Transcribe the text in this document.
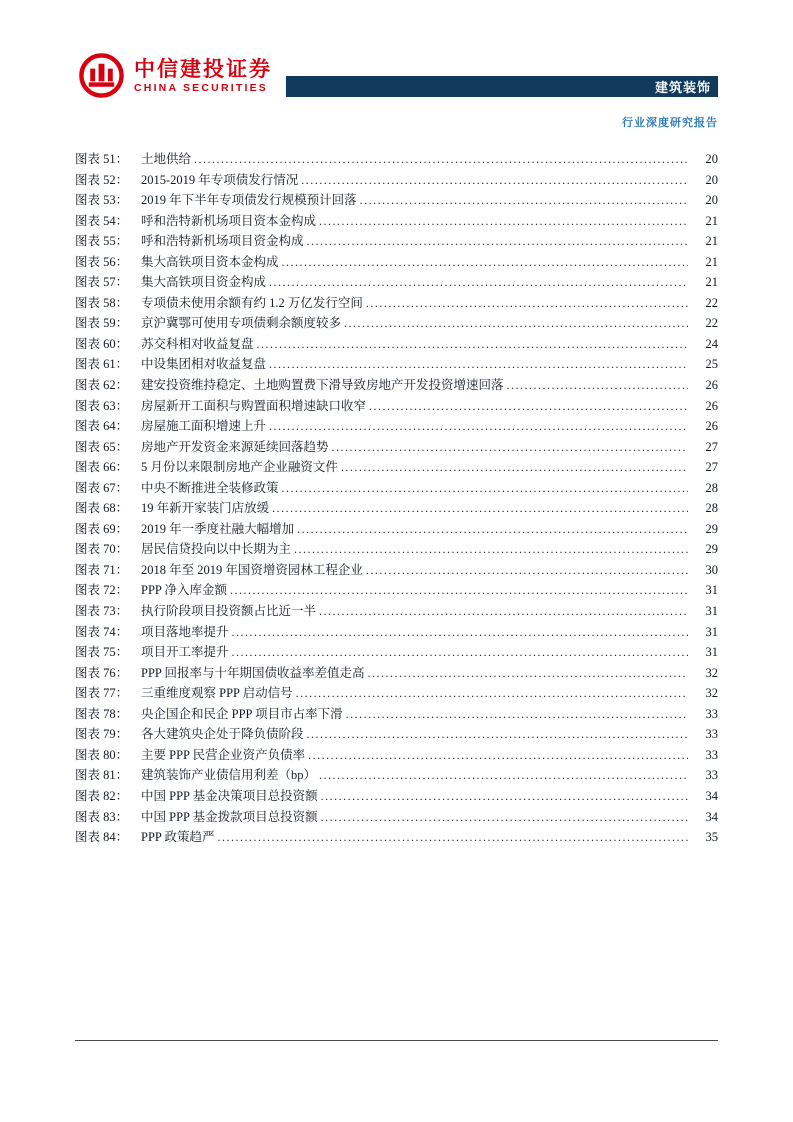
中信建投证券
CHINA SECURITIES	建筑装饰
行业深度研究报告
图表 51：	土地供给 .....	20
图表 52：	2015-2019 年专项债发行情况 .....	20
图表 53：	2019 年下半年专项债发行规模预计回落 .....	20
图表 54：	呼和浩特新机场项目资本金构成 .....	21
图表 55：	呼和浩特新机场项目资金构成 .....	21
图表 56：	集大高铁项目资本金构成 .....	21
图表 57：	集大高铁项目资金构成 .....	21
图表 58：	专项债未使用余额有约 1.2 万亿发行空间 .....	22
图表 59：	京沪冀鄂可使用专项债剩余额度较多 .....	22
图表 60：	苏交科相对收益复盘 .....	24
图表 61：	中设集团相对收益复盘 .....	25
图表 62：	建安投资维持稳定、土地购置费下滑导致房地产开发投资增速回落 .....	26
图表 63：	房屋新开工面积与购置面积增速缺口收窄 .....	26
图表 64：	房屋施工面积增速上升 .....	26
图表 65：	房地产开发资金来源延续回落趋势 .....	27
图表 66：	5 月份以来限制房地产企业融资文件 .....	27
图表 67：	中央不断推进全装修政策 .....	28
图表 68：	19 年新开家装门店放缓 .....	28
图表 69：	2019 年一季度社融大幅增加 .....	29
图表 70：	居民信贷投向以中长期为主 .....	29
图表 71：	2018 年至 2019 年国资增资园林工程企业 .....	30
图表 72：	PPP 净入库金额 .....	31
图表 73：	执行阶段项目投资额占比近一半 .....	31
图表 74：	项目落地率提升 .....	31
图表 75：	项目开工率提升 .....	31
图表 76：	PPP 回报率与十年期国债收益率差值走高 .....	32
图表 77：	三重维度观察 PPP 启动信号 .....	32
图表 78：	央企国企和民企 PPP 项目市占率下滑 .....	33
图表 79：	各大建筑央企处于降负债阶段 .....	33
图表 80：	主要 PPP 民营企业资产负债率 .....	33
图表 81：	建筑装饰产业债信用利差（bp） .....	33
图表 82：	中国 PPP 基金决策项目总投资额 .....	34
图表 83：	中国 PPP 基金拨款项目总投资额 .....	34
图表 84：	PPP 政策趋严 .....	35
